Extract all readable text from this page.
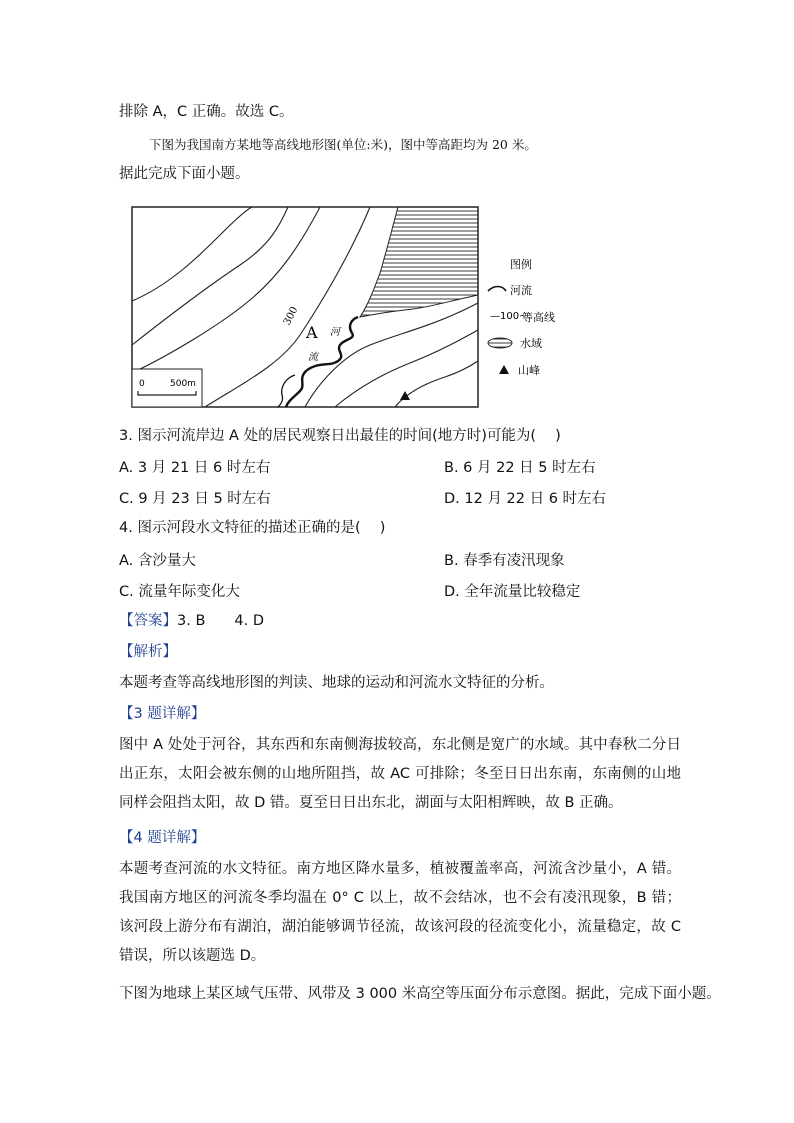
排除 A，C 正确。故选 C。
下图为我国南方某地等高线地形图(单位:米)，图中等高距均为 20 米。
据此完成下面小题。
300
A 河
流
0	500m
图例
河流
—100~
等高线
水域
山峰
3. 图示河流岸边 A 处的居民观察日出最佳的时间(地方时)可能为(　 )
A. 3 月 21 日 6 时左右	B. 6 月 22 日 5 时左右
C. 9 月 23 日 5 时左右	D. 12 月 22 日 6 时左右
4. 图示河段水文特征的描述正确的是(　 )
A. 含沙量大	B. 春季有凌汛现象
C. 流量年际变化大	D. 全年流量比较稳定
【答案】3. B　　4. D
【解析】
本题考查等高线地形图的判读、地球的运动和河流水文特征的分析。
【3 题详解】
图中 A 处处于河谷，其东西和东南侧海拔较高，东北侧是宽广的水域。其中春秋二分日出正东，太阳会被东侧的山地所阻挡，故 AC 可排除；冬至日日出东南，东南侧的山地同样会阻挡太阳，故 D 错。夏至日日出东北，湖面与太阳相辉映，故 B 正确。
【4 题详解】
本题考查河流的水文特征。南方地区降水量多，植被覆盖率高，河流含沙量小，A 错。我国南方地区的河流冬季均温在 0° C 以上，故不会结冰，也不会有凌汛现象，B 错；该河段上游分布有湖泊，湖泊能够调节径流，故该河段的径流变化小，流量稳定，故 C 错误，所以该题选 D。
下图为地球上某区域气压带、风带及 3 000 米高空等压面分布示意图。据此，完成下面小题。
